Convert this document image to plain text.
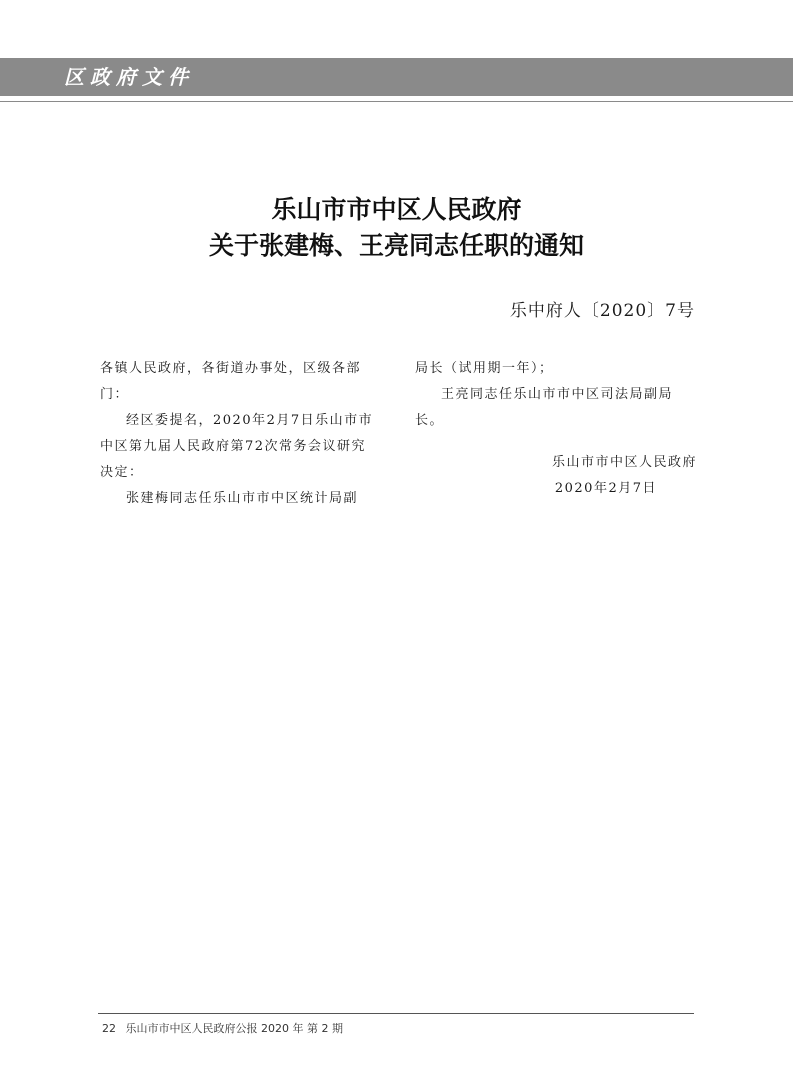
区政府文件
乐山市市中区人民政府
关于张建梅、王亮同志任职的通知
乐中府人〔2020〕7号
各镇人民政府，各街道办事处，区级各部
门：
经区委提名，2020年2月7日乐山市市
中区第九届人民政府第72次常务会议研究
决定：
张建梅同志任乐山市市中区统计局副
局长（试用期一年）；
王亮同志任乐山市市中区司法局副局
长。
乐山市市中区人民政府
2020年2月7日
22 乐山市市中区人民政府公报 2020 年 第 2 期
